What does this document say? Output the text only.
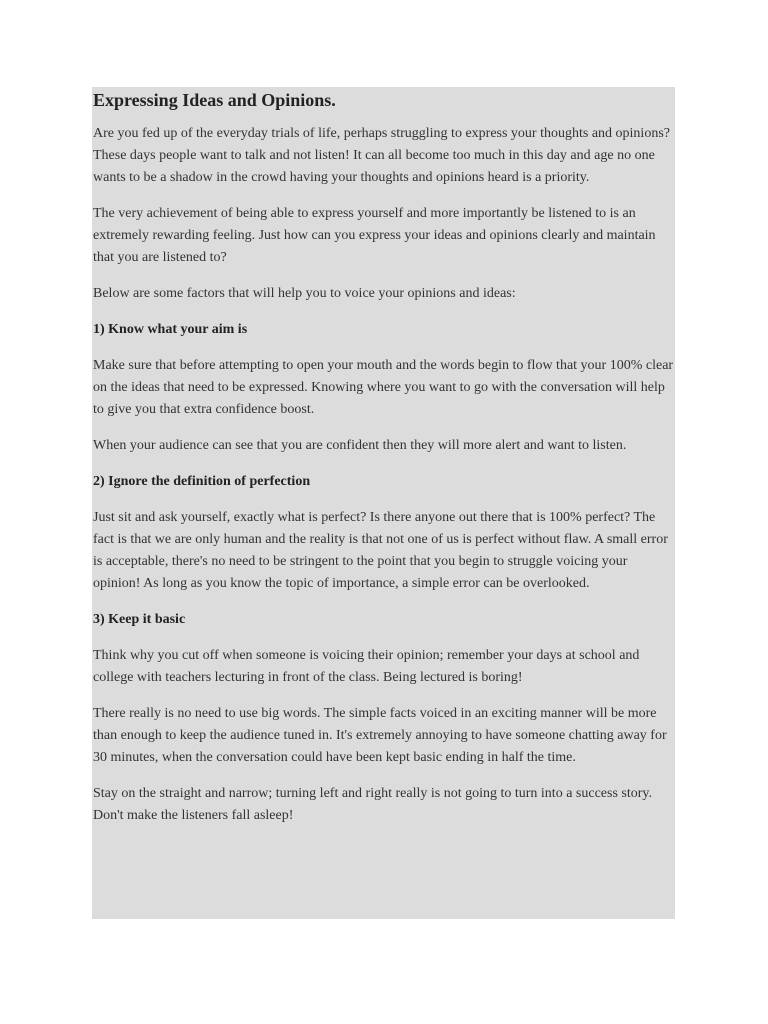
Expressing Ideas and Opinions.

Are you fed up of the everyday trials of life, perhaps struggling to express your thoughts and opinions? These days people want to talk and not listen! It can all become too much in this day and age no one wants to be a shadow in the crowd having your thoughts and opinions heard is a priority.

The very achievement of being able to express yourself and more importantly be listened to is an extremely rewarding feeling. Just how can you express your ideas and opinions clearly and maintain that you are listened to?

Below are some factors that will help you to voice your opinions and ideas:

1) Know what your aim is

Make sure that before attempting to open your mouth and the words begin to flow that your 100% clear on the ideas that need to be expressed. Knowing where you want to go with the conversation will help to give you that extra confidence boost.

When your audience can see that you are confident then they will more alert and want to listen.

2) Ignore the definition of perfection

Just sit and ask yourself, exactly what is perfect? Is there anyone out there that is 100% perfect? The fact is that we are only human and the reality is that not one of us is perfect without flaw. A small error is acceptable, there's no need to be stringent to the point that you begin to struggle voicing your opinion! As long as you know the topic of importance, a simple error can be overlooked.

3) Keep it basic

Think why you cut off when someone is voicing their opinion; remember your days at school and college with teachers lecturing in front of the class. Being lectured is boring!

There really is no need to use big words. The simple facts voiced in an exciting manner will be more than enough to keep the audience tuned in. It's extremely annoying to have someone chatting away for 30 minutes, when the conversation could have been kept basic ending in half the time.

Stay on the straight and narrow; turning left and right really is not going to turn into a success story. Don't make the listeners fall asleep!
